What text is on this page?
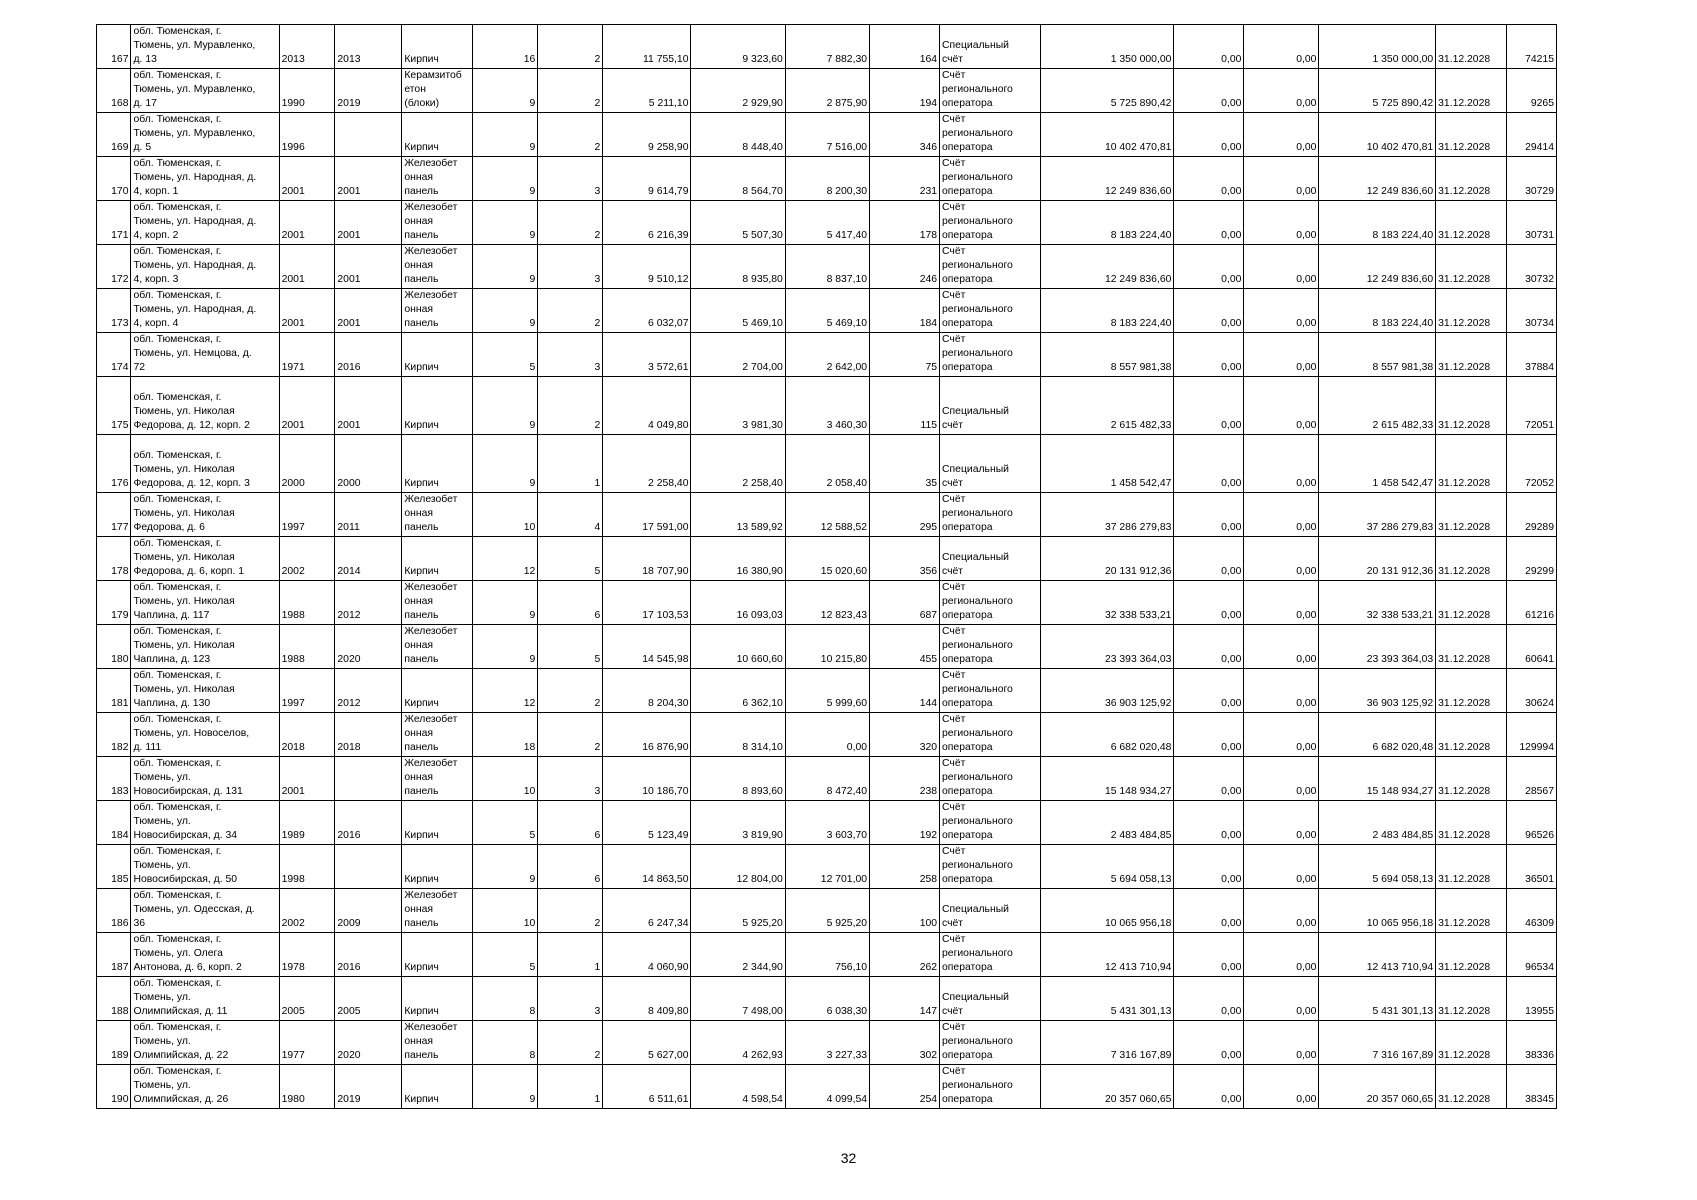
167	обл. Тюменская, г.
Тюмень, ул. Муравленко,
д. 13	2013	2013	Кирпич	16	2	11 755,10	9 323,60	7 882,30	164	Специальный
счёт	1 350 000,00	0,00	0,00	1 350 000,00	31.12.2028	74215
168	обл. Тюменская, г.
Тюмень, ул. Муравленко,
д. 17	1990	2019	Керамзитоб
етон
(блоки)	9	2	5 211,10	2 929,90	2 875,90	194	Счёт
регионального
оператора	5 725 890,42	0,00	0,00	5 725 890,42	31.12.2028	9265
169	обл. Тюменская, г.
Тюмень, ул. Муравленко,
д. 5	1996		Кирпич	9	2	9 258,90	8 448,40	7 516,00	346	Счёт
регионального
оператора	10 402 470,81	0,00	0,00	10 402 470,81	31.12.2028	29414
170	обл. Тюменская, г.
Тюмень, ул. Народная, д.
4, корп. 1	2001	2001	Железобет
онная
панель	9	3	9 614,79	8 564,70	8 200,30	231	Счёт
регионального
оператора	12 249 836,60	0,00	0,00	12 249 836,60	31.12.2028	30729
171	обл. Тюменская, г.
Тюмень, ул. Народная, д.
4, корп. 2	2001	2001	Железобет
онная
панель	9	2	6 216,39	5 507,30	5 417,40	178	Счёт
регионального
оператора	8 183 224,40	0,00	0,00	8 183 224,40	31.12.2028	30731
172	обл. Тюменская, г.
Тюмень, ул. Народная, д.
4, корп. 3	2001	2001	Железобет
онная
панель	9	3	9 510,12	8 935,80	8 837,10	246	Счёт
регионального
оператора	12 249 836,60	0,00	0,00	12 249 836,60	31.12.2028	30732
173	обл. Тюменская, г.
Тюмень, ул. Народная, д.
4, корп. 4	2001	2001	Железобет
онная
панель	9	2	6 032,07	5 469,10	5 469,10	184	Счёт
регионального
оператора	8 183 224,40	0,00	0,00	8 183 224,40	31.12.2028	30734
174	обл. Тюменская, г.
Тюмень, ул. Немцова, д.
72	1971	2016	Кирпич	5	3	3 572,61	2 704,00	2 642,00	75	Счёт
регионального
оператора	8 557 981,38	0,00	0,00	8 557 981,38	31.12.2028	37884
175	обл. Тюменская, г.
Тюмень, ул. Николая
Федорова, д. 12, корп. 2	2001	2001	Кирпич	9	2	4 049,80	3 981,30	3 460,30	115	Специальный
счёт	2 615 482,33	0,00	0,00	2 615 482,33	31.12.2028	72051
176	обл. Тюменская, г.
Тюмень, ул. Николая
Федорова, д. 12, корп. 3	2000	2000	Кирпич	9	1	2 258,40	2 258,40	2 058,40	35	Специальный
счёт	1 458 542,47	0,00	0,00	1 458 542,47	31.12.2028	72052
177	обл. Тюменская, г.
Тюмень, ул. Николая
Федорова, д. 6	1997	2011	Железобет
онная
панель	10	4	17 591,00	13 589,92	12 588,52	295	Счёт
регионального
оператора	37 286 279,83	0,00	0,00	37 286 279,83	31.12.2028	29289
178	обл. Тюменская, г.
Тюмень, ул. Николая
Федорова, д. 6, корп. 1	2002	2014	Кирпич	12	5	18 707,90	16 380,90	15 020,60	356	Специальный
счёт	20 131 912,36	0,00	0,00	20 131 912,36	31.12.2028	29299
179	обл. Тюменская, г.
Тюмень, ул. Николая
Чаплина, д. 117	1988	2012	Железобет
онная
панель	9	6	17 103,53	16 093,03	12 823,43	687	Счёт
регионального
оператора	32 338 533,21	0,00	0,00	32 338 533,21	31.12.2028	61216
180	обл. Тюменская, г.
Тюмень, ул. Николая
Чаплина, д. 123	1988	2020	Железобет
онная
панель	9	5	14 545,98	10 660,60	10 215,80	455	Счёт
регионального
оператора	23 393 364,03	0,00	0,00	23 393 364,03	31.12.2028	60641
181	обл. Тюменская, г.
Тюмень, ул. Николая
Чаплина, д. 130	1997	2012	Кирпич	12	2	8 204,30	6 362,10	5 999,60	144	Счёт
регионального
оператора	36 903 125,92	0,00	0,00	36 903 125,92	31.12.2028	30624
182	обл. Тюменская, г.
Тюмень, ул. Новоселов,
д. 111	2018	2018	Железобет
онная
панель	18	2	16 876,90	8 314,10	0,00	320	Счёт
регионального
оператора	6 682 020,48	0,00	0,00	6 682 020,48	31.12.2028	129994
183	обл. Тюменская, г.
Тюмень, ул.
Новосибирская, д. 131	2001		Железобет
онная
панель	10	3	10 186,70	8 893,60	8 472,40	238	Счёт
регионального
оператора	15 148 934,27	0,00	0,00	15 148 934,27	31.12.2028	28567
184	обл. Тюменская, г.
Тюмень, ул.
Новосибирская, д. 34	1989	2016	Кирпич	5	6	5 123,49	3 819,90	3 603,70	192	Счёт
регионального
оператора	2 483 484,85	0,00	0,00	2 483 484,85	31.12.2028	96526
185	обл. Тюменская, г.
Тюмень, ул.
Новосибирская, д. 50	1998		Кирпич	9	6	14 863,50	12 804,00	12 701,00	258	Счёт
регионального
оператора	5 694 058,13	0,00	0,00	5 694 058,13	31.12.2028	36501
186	обл. Тюменская, г.
Тюмень, ул. Одесская, д.
36	2002	2009	Железобет
онная
панель	10	2	6 247,34	5 925,20	5 925,20	100	Специальный
счёт	10 065 956,18	0,00	0,00	10 065 956,18	31.12.2028	46309
187	обл. Тюменская, г.
Тюмень, ул. Олега
Антонова, д. 6, корп. 2	1978	2016	Кирпич	5	1	4 060,90	2 344,90	756,10	262	Счёт
регионального
оператора	12 413 710,94	0,00	0,00	12 413 710,94	31.12.2028	96534
188	обл. Тюменская, г.
Тюмень, ул.
Олимпийская, д. 11	2005	2005	Кирпич	8	3	8 409,80	7 498,00	6 038,30	147	Специальный
счёт	5 431 301,13	0,00	0,00	5 431 301,13	31.12.2028	13955
189	обл. Тюменская, г.
Тюмень, ул.
Олимпийская, д. 22	1977	2020	Железобет
онная
панель	8	2	5 627,00	4 262,93	3 227,33	302	Счёт
регионального
оператора	7 316 167,89	0,00	0,00	7 316 167,89	31.12.2028	38336
190	обл. Тюменская, г.
Тюмень, ул.
Олимпийская, д. 26	1980	2019	Кирпич	9	1	6 511,61	4 598,54	4 099,54	254	Счёт
регионального
оператора	20 357 060,65	0,00	0,00	20 357 060,65	31.12.2028	38345
32
